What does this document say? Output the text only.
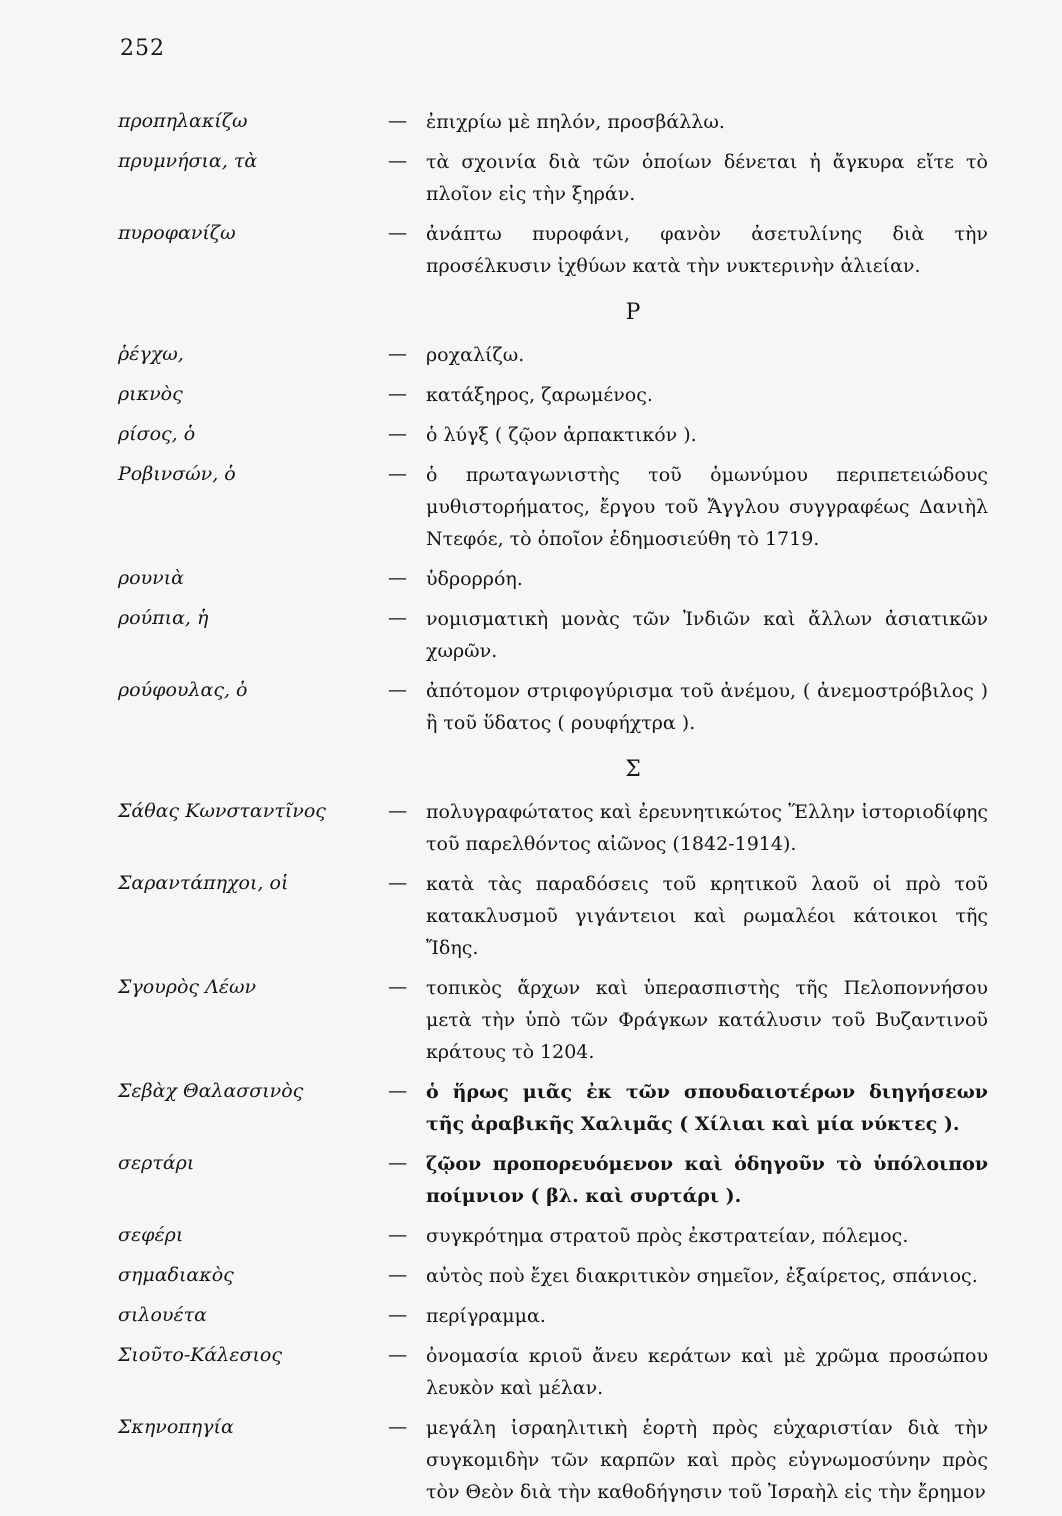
252
προπηλακίζω	— ἐπιχρίω μὲ πηλόν, προσβάλλω.
πρυμνήσια, τὰ	— τὰ σχοινία διὰ τῶν ὁποίων δένεται ἡ ἄγκυρα εἴτε τὸ πλοῖον εἰς τὴν ξηράν.
πυροφανίζω	— ἀνάπτω πυροφάνι, φανὸν ἀσετυλίνης διὰ τὴν προσέλκυσιν ἰχθύων κατὰ τὴν νυκτερινὴν ἁλιείαν.
Ρ
ῥέγχω,	— ροχαλίζω.
ρικνὸς	— κατάξηρος, ζαρωμένος.
ρίσος, ὁ	— ὁ λύγξ ( ζῷον ἁρπακτικόν ).
Ροβινσών, ὁ	— ὁ πρωταγωνιστὴς τοῦ ὁμωνύμου περιπετειώδους μυθιστορήματος, ἔργου τοῦ Ἄγγλου συγγραφέως Δανιὴλ Ντεφόε, τὸ ὁποῖον ἐδημοσιεύθη τὸ 1719.
ρουνιὰ	— ὑδρορρόη.
ρούπια, ἡ	— νομισματικὴ μονὰς τῶν Ἰνδιῶν καὶ ἄλλων ἀσιατικῶν χωρῶν.
ρούφουλας, ὁ	— ἀπότομον στριφογύρισμα τοῦ ἀνέμου, ( ἀνεμοστρόβιλος ) ἢ τοῦ ὕδατος ( ρουφήχτρα ).
Σ
Σάθας Κωνσταντῖνος	— πολυγραφώτατος καὶ ἐρευνητικώτος Ἕλλην ἱστοριοδίφης τοῦ παρελθόντος αἰῶνος (1842-1914).
Σαραντάπηχοι, οἱ	— κατὰ τὰς παραδόσεις τοῦ κρητικοῦ λαοῦ οἱ πρὸ τοῦ κατακλυσμοῦ γιγάντειοι καὶ ρωμαλέοι κάτοικοι τῆς Ἴδης.
Σγουρὸς Λέων	— τοπικὸς ἄρχων καὶ ὑπερασπιστὴς τῆς Πελοποννήσου μετὰ τὴν ὑπὸ τῶν Φράγκων κατάλυσιν τοῦ Βυζαντινοῦ κράτους τὸ 1204.
Σεβὰχ Θαλασσινὸς	— ὁ ἥρως μιᾶς ἐκ τῶν σπουδαιοτέρων διηγήσεων τῆς ἀραβικῆς Χαλιμᾶς ( Χίλιαι καὶ μία νύκτες ).
σερτάρι	— ζῷον προπορευόμενον καὶ ὁδηγοῦν τὸ ὑπόλοιπον ποίμνιον ( βλ. καὶ συρτάρι ).
σεφέρι	— συγκρότημα στρατοῦ πρὸς ἐκστρατείαν, πόλεμος.
σημαδιακὸς	— αὐτὸς ποὺ ἔχει διακριτικὸν σημεῖον, ἐξαίρετος, σπάνιος.
σιλουέτα	— περίγραμμα.
Σιοῦτο-Κάλεσιος	— ὀνομασία κριοῦ ἄνευ κεράτων καὶ μὲ χρῶμα προσώπου λευκὸν καὶ μέλαν.
Σκηνοπηγία	— μεγάλη ἰσραηλιτικὴ ἑορτὴ πρὸς εὐχαριστίαν διὰ τὴν συγκομιδὴν τῶν καρπῶν καὶ πρὸς εὐγνωμοσύνην πρὸς τὸν Θεὸν διὰ τὴν καθοδήγησιν τοῦ Ἰσραὴλ εἰς τὴν ἔρημον
